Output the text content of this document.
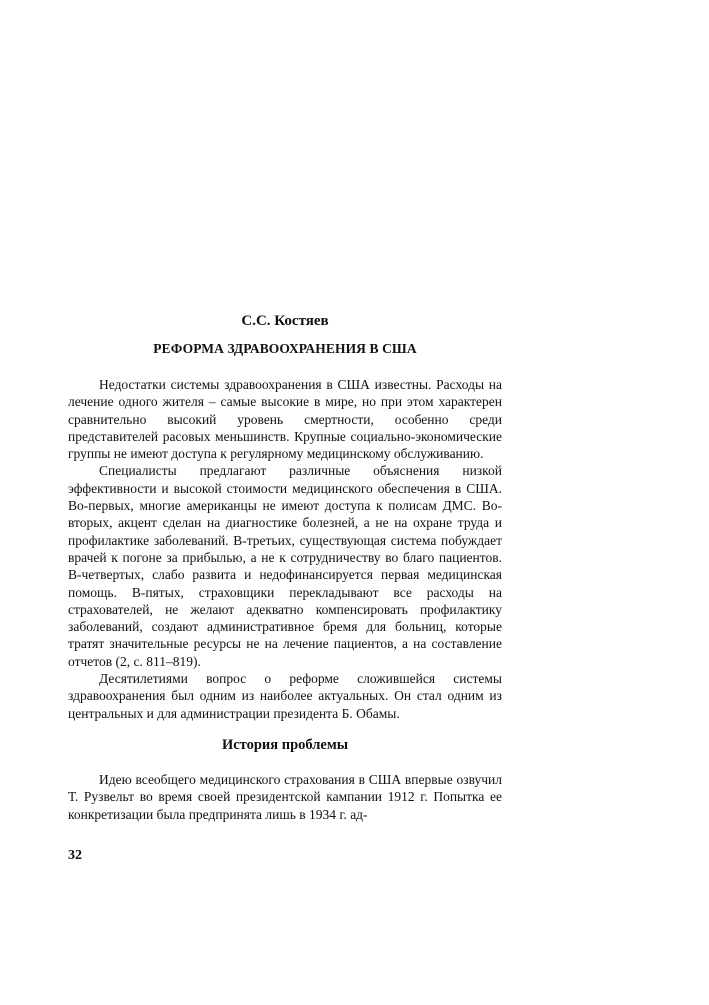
С.С. Костяев

РЕФОРМА ЗДРАВООХРАНЕНИЯ В США

Недостатки системы здравоохранения в США известны. Расходы на лечение одного жителя – самые высокие в мире, но при этом характерен сравнительно высокий уровень смертности, особенно среди представителей расовых меньшинств. Крупные социально-экономические группы не имеют доступа к регулярному медицинскому обслуживанию.

Специалисты предлагают различные объяснения низкой эффективности и высокой стоимости медицинского обеспечения в США. Во-первых, многие американцы не имеют доступа к полисам ДМС. Во-вторых, акцент сделан на диагностике болезней, а не на охране труда и профилактике заболеваний. В-третьих, существующая система побуждает врачей к погоне за прибылью, а не к сотрудничеству во благо пациентов. В-четвертых, слабо развита и недофинансируется первая медицинская помощь. В-пятых, страховщики перекладывают все расходы на страхователей, не желают адекватно компенсировать профилактику заболеваний, создают административное бремя для больниц, которые тратят значительные ресурсы не на лечение пациентов, а на составление отчетов (2, с. 811–819).

Десятилетиями вопрос о реформе сложившейся системы здравоохранения был одним из наиболее актуальных. Он стал одним из центральных и для администрации президента Б. Обамы.

История проблемы

Идею всеобщего медицинского страхования в США впервые озвучил Т. Рузвельт во время своей президентской кампании 1912 г. Попытка ее конкретизации была предпринята лишь в 1934 г. ад-

32
